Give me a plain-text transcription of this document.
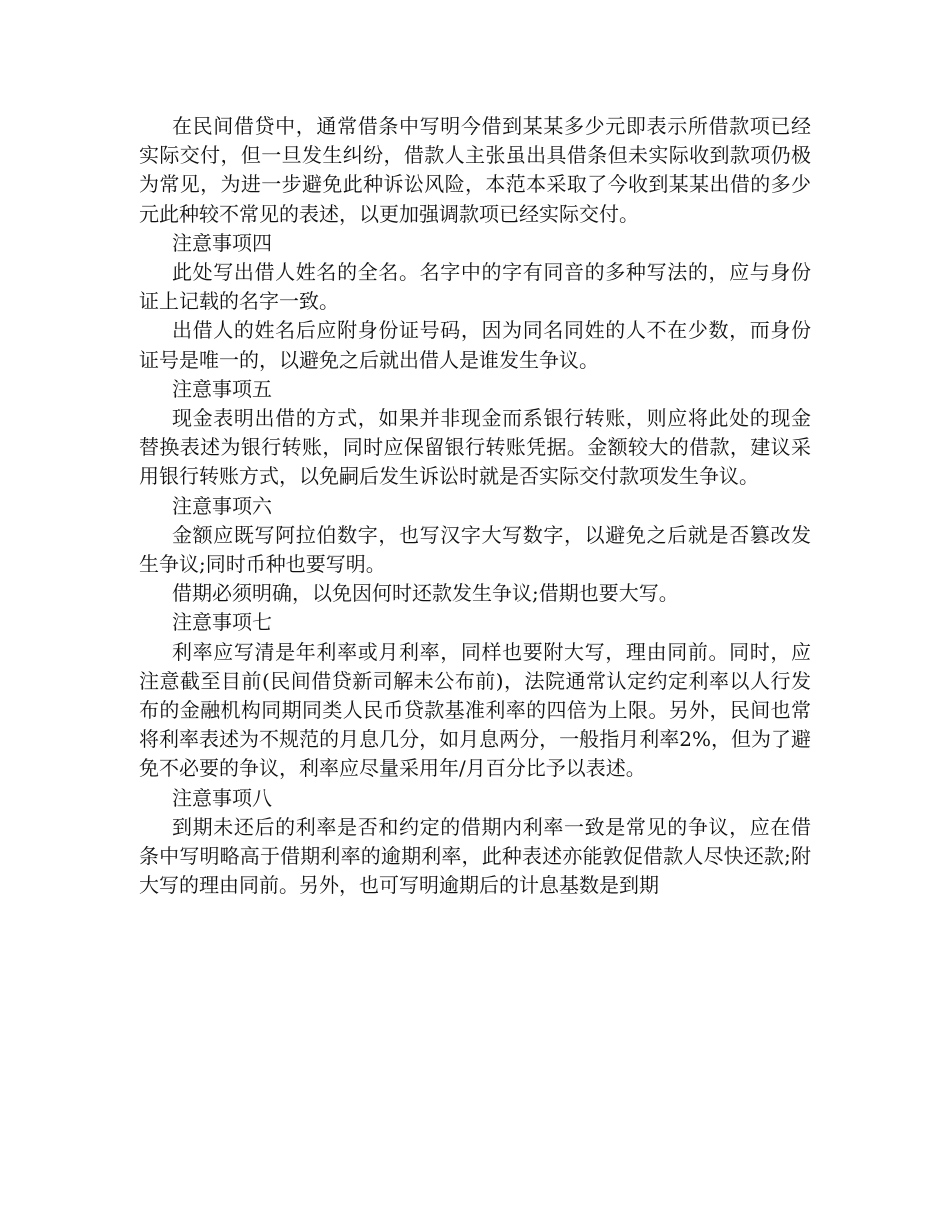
在民间借贷中，通常借条中写明今借到某某多少元即表示所借款项已经实际交付，但一旦发生纠纷，借款人主张虽出具借条但未实际收到款项仍极为常见，为进一步避免此种诉讼风险，本范本采取了今收到某某出借的多少元此种较不常见的表述，以更加强调款项已经实际交付。

注意事项四

此处写出借人姓名的全名。名字中的字有同音的多种写法的，应与身份证上记载的名字一致。

出借人的姓名后应附身份证号码，因为同名同姓的人不在少数，而身份证号是唯一的，以避免之后就出借人是谁发生争议。

注意事项五

现金表明出借的方式，如果并非现金而系银行转账，则应将此处的现金替换表述为银行转账，同时应保留银行转账凭据。金额较大的借款，建议采用银行转账方式，以免嗣后发生诉讼时就是否实际交付款项发生争议。

注意事项六

金额应既写阿拉伯数字，也写汉字大写数字，以避免之后就是否篡改发生争议;同时币种也要写明。

借期必须明确，以免因何时还款发生争议;借期也要大写。

注意事项七

利率应写清是年利率或月利率，同样也要附大写，理由同前。同时，应注意截至目前(民间借贷新司解未公布前)，法院通常认定约定利率以人行发布的金融机构同期同类人民币贷款基准利率的四倍为上限。另外，民间也常将利率表述为不规范的月息几分，如月息两分，一般指月利率2%，但为了避免不必要的争议，利率应尽量采用年/月百分比予以表述。

注意事项八

到期未还后的利率是否和约定的借期内利率一致是常见的争议，应在借条中写明略高于借期利率的逾期利率，此种表述亦能敦促借款人尽快还款;附大写的理由同前。另外，也可写明逾期后的计息基数是到期
